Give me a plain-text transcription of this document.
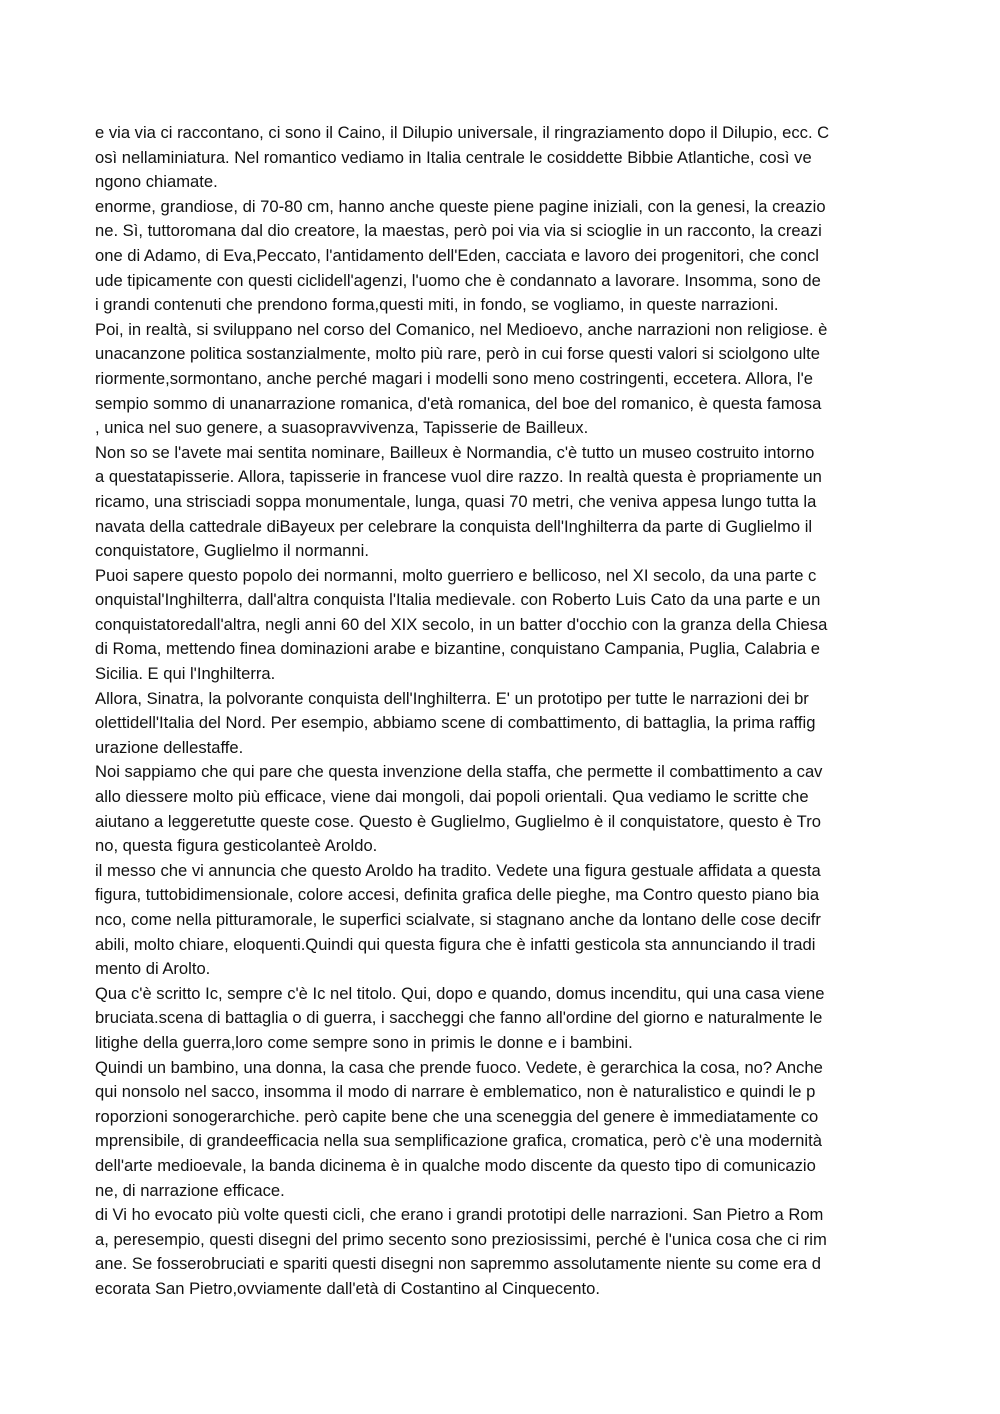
e via via ci raccontano, ci sono il Caino, il Dilupio universale, il ringraziamento dopo il Dilupio, ecc. C
osì nellaminiatura. Nel romantico vediamo in Italia centrale le cosiddette Bibbie Atlantiche, così ve
ngono chiamate.
enorme, grandiose, di 70-80 cm, hanno anche queste piene pagine iniziali, con la genesi, la creazio
ne. Sì, tuttoromana dal dio creatore, la maestas, però poi via via si scioglie in un racconto, la creazi
one di Adamo, di Eva,Peccato, l'antidamento dell'Eden, cacciata e lavoro dei progenitori, che concl
ude tipicamente con questi ciclidell'agenzi, l'uomo che è condannato a lavorare. Insomma, sono de
i grandi contenuti che prendono forma,questi miti, in fondo, se vogliamo, in queste narrazioni.
Poi, in realtà, si sviluppano nel corso del Comanico, nel Medioevo, anche narrazioni non religiose. è
unacanzone politica sostanzialmente, molto più rare, però in cui forse questi valori si sciolgono ulte
riormente,sormontano, anche perché magari i modelli sono meno costringenti, eccetera. Allora, l'e
sempio sommo di unanarrazione romanica, d'età romanica, del boe del romanico, è questa famosa
, unica nel suo genere, a suasopravvivenza, Tapisserie de Bailleux.
Non so se l'avete mai sentita nominare, Bailleux è Normandia, c'è tutto un museo costruito intorno
a questatapisserie. Allora, tapisserie in francese vuol dire razzo. In realtà questa è propriamente un
ricamo, una strisciadi soppa monumentale, lunga, quasi 70 metri, che veniva appesa lungo tutta la
navata della cattedrale diBayeux per celebrare la conquista dell'Inghilterra da parte di Guglielmo il
conquistatore, Guglielmo il normanni.
Puoi sapere questo popolo dei normanni, molto guerriero e bellicoso, nel XI secolo, da una parte c
onquistal'Inghilterra, dall'altra conquista l'Italia medievale. con Roberto Luis Cato da una parte e un
conquistatoredall'altra, negli anni 60 del XIX secolo, in un batter d'occhio con la granza della Chiesa
di Roma, mettendo finea dominazioni arabe e bizantine, conquistano Campania, Puglia, Calabria e
Sicilia. E qui l'Inghilterra.
Allora, Sinatra, la polvorante conquista dell'Inghilterra. E' un prototipo per tutte le narrazioni dei br
olettidell'Italia del Nord. Per esempio, abbiamo scene di combattimento, di battaglia, la prima raffig
urazione dellestaffe.
Noi sappiamo che qui pare che questa invenzione della staffa, che permette il combattimento a cav
allo diessere molto più efficace, viene dai mongoli, dai popoli orientali. Qua vediamo le scritte che
aiutano a leggeretutte queste cose. Questo è Guglielmo, Guglielmo è il conquistatore, questo è Tro
no, questa figura gesticolanteè Aroldo.
il messo che vi annuncia che questo Aroldo ha tradito. Vedete una figura gestuale affidata a questa
figura, tuttobidimensionale, colore accesi, definita grafica delle pieghe, ma Contro questo piano bia
nco, come nella pitturamorale, le superfici scialvate, si stagnano anche da lontano delle cose decifr
abili, molto chiare, eloquenti.Quindi qui questa figura che è infatti gesticola sta annunciando il tradi
mento di Arolto.
Qua c'è scritto Ic, sempre c'è Ic nel titolo. Qui, dopo e quando, domus incenditu, qui una casa viene
bruciata.scena di battaglia o di guerra, i saccheggi che fanno all'ordine del giorno e naturalmente le
litighe della guerra,loro come sempre sono in primis le donne e i bambini.
Quindi un bambino, una donna, la casa che prende fuoco. Vedete, è gerarchica la cosa, no? Anche
qui nonsolo nel sacco, insomma il modo di narrare è emblematico, non è naturalistico e quindi le p
roporzioni sonogerarchiche. però capite bene che una sceneggia del genere è immediatamente co
mprensibile, di grandeefficacia nella sua semplificazione grafica, cromatica, però c'è una modernità
dell'arte medioevale, la banda dicinema è in qualche modo discente da questo tipo di comunicazio
ne, di narrazione efficace.
di Vi ho evocato più volte questi cicli, che erano i grandi prototipi delle narrazioni. San Pietro a Rom
a, peresempio, questi disegni del primo secento sono preziosissimi, perché è l'unica cosa che ci rim
ane. Se fosserobruciati e spariti questi disegni non sapremmo assolutamente niente su come era d
ecorata San Pietro,ovviamente dall'età di Costantino al Cinquecento.
